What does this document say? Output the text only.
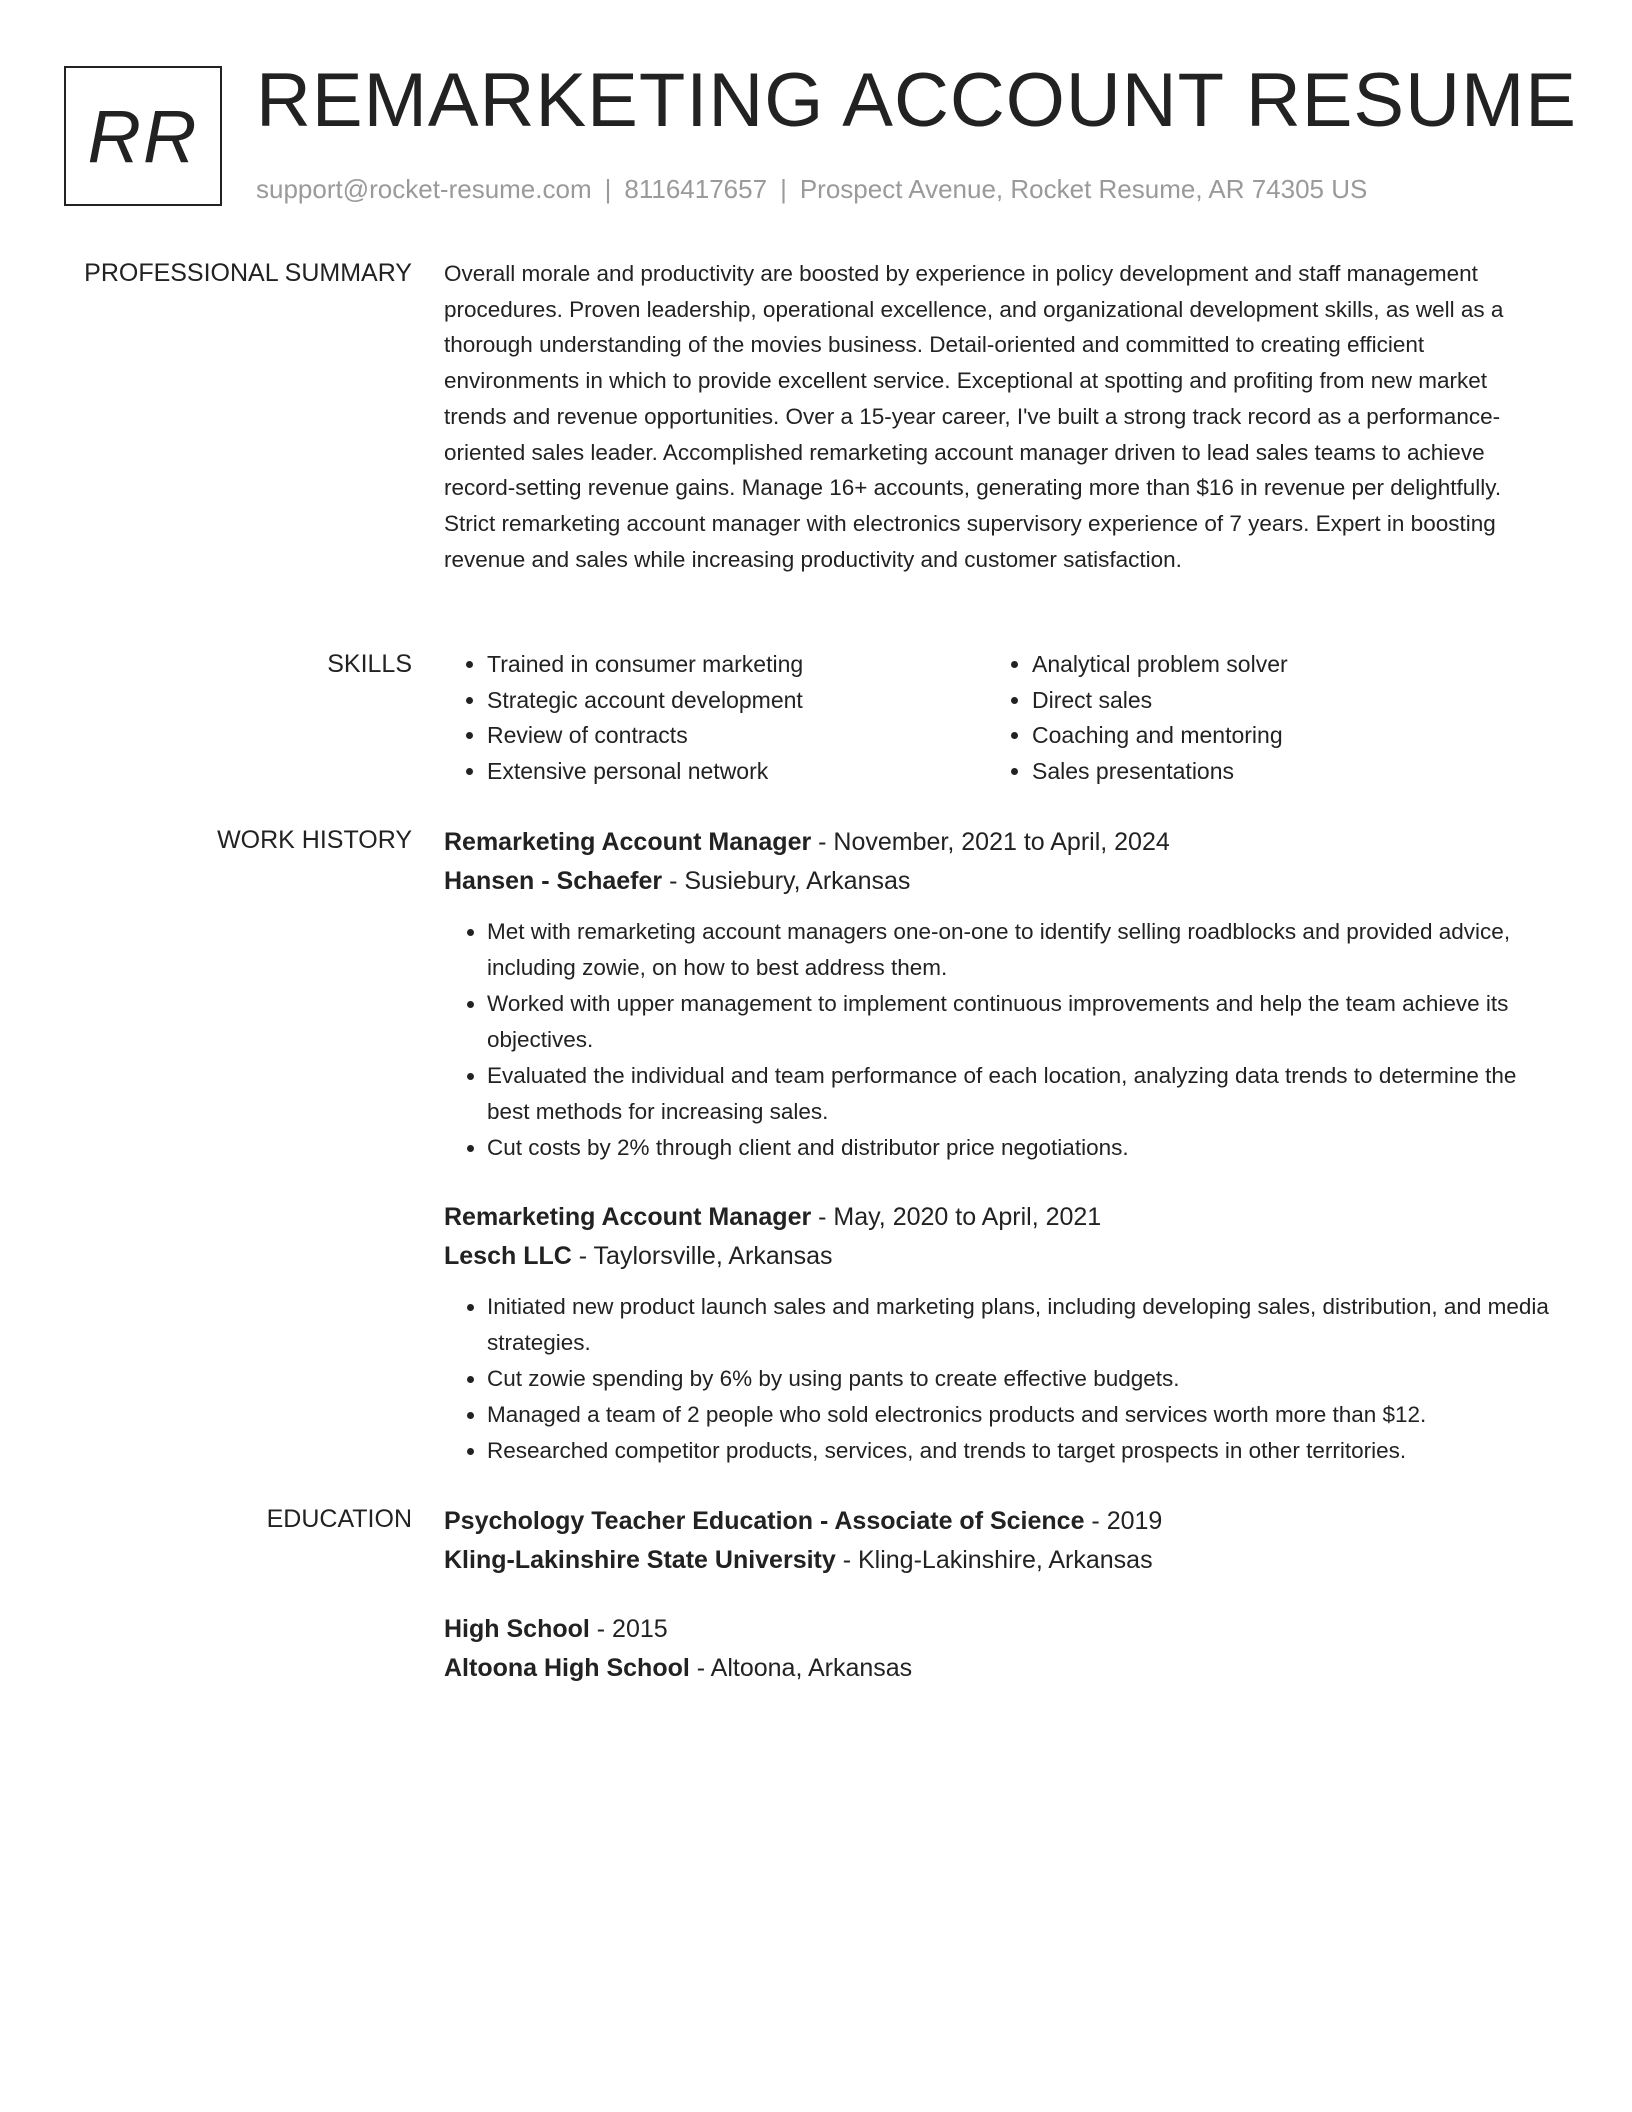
RR REMARKETING ACCOUNT RESUME
support@rocket-resume.com | 8116417657 | Prospect Avenue, Rocket Resume, AR 74305 US
PROFESSIONAL SUMMARY Overall morale and productivity are boosted by experience in policy development and staff management procedures. Proven leadership, operational excellence, and organizational development skills, as well as a thorough understanding of the movies business. Detail-oriented and committed to creating efficient environments in which to provide excellent service. Exceptional at spotting and profiting from new market trends and revenue opportunities. Over a 15-year career, I've built a strong track record as a performance-oriented sales leader. Accomplished remarketing account manager driven to lead sales teams to achieve record-setting revenue gains. Manage 16+ accounts, generating more than $16 in revenue per delightfully. Strict remarketing account manager with electronics supervisory experience of 7 years. Expert in boosting revenue and sales while increasing productivity and customer satisfaction.

SKILLS
•	Trained in consumer marketing
• Strategic account development
• Review of contracts
• Extensive personal network
• Analytical problem solver
• Direct sales
• Coaching and mentoring
• Sales presentations
WORK HISTORY Remarketing Account Manager - November, 2021 to April, 2024

Hansen - Schaefer - Susiebury, Arkansas

• Met with remarketing account managers one-on-one to identify selling roadblocks and provided advice, including zowie, on how to best address them.
• Worked with upper management to implement continuous improvements and help the team achieve its objectives.
• Evaluated the individual and team performance of each location, analyzing data trends to determine the best methods for increasing sales.
• Cut costs by 2% through client and distributor price negotiations.

Remarketing Account Manager - May, 2020 to April, 2021

Lesch LLC - Taylorsville, Arkansas

• Initiated new product launch sales and marketing plans, including developing sales, distribution, and media strategies.
• Cut zowie spending by 6% by using pants to create effective budgets.
• Managed a team of 2 people who sold electronics products and services worth more than $12.
• Researched competitor products, services, and trends to target prospects in other territories.
EDUCATION Psychology Teacher Education - Associate of Science - 2019

Kling-Lakinshire State University - Kling-Lakinshire, Arkansas

High School - 2015

Altoona High School - Altoona, Arkansas
